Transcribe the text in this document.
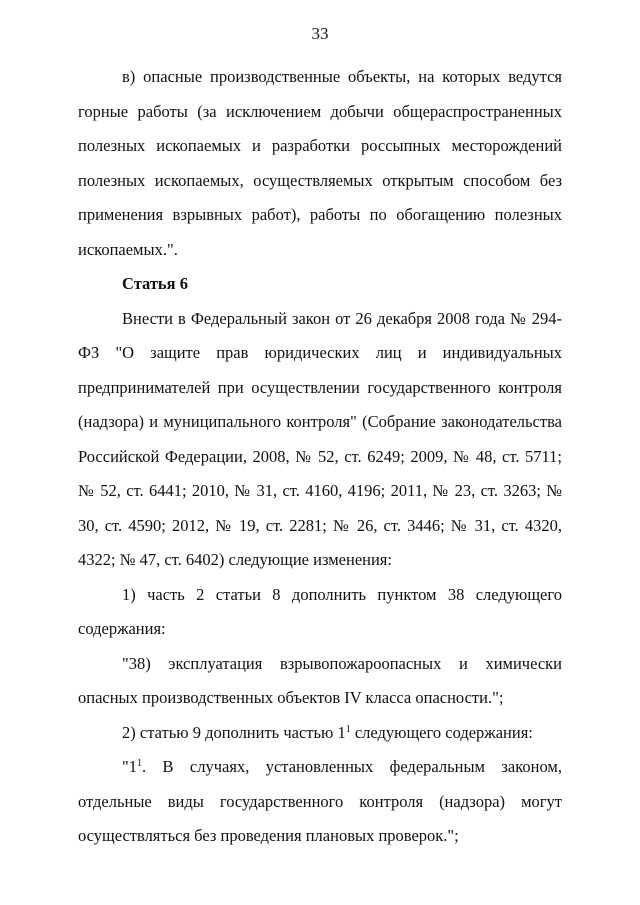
33

в) опасные производственные объекты, на которых ведутся горные работы (за исключением добычи общераспространенных полезных ископаемых и разработки россыпных месторождений полезных ископаемых, осуществляемых открытым способом без применения взрывных работ), работы по обогащению полезных ископаемых.".

Статья 6

Внести в Федеральный закон от 26 декабря 2008 года № 294-ФЗ "О защите прав юридических лиц и индивидуальных предпринимателей при осуществлении государственного контроля (надзора) и муниципального контроля" (Собрание законодательства Российской Федерации, 2008, № 52, ст. 6249; 2009, № 48, ст. 5711; № 52, ст. 6441; 2010, № 31, ст. 4160, 4196; 2011, № 23, ст. 3263; № 30, ст. 4590; 2012, № 19, ст. 2281; № 26, ст. 3446; № 31, ст. 4320, 4322; № 47, ст. 6402) следующие изменения:

1) часть 2 статьи 8 дополнить пунктом 38 следующего содержания:

"38) эксплуатация взрывопожароопасных и химически опасных производственных объектов IV класса опасности.";

2) статью 9 дополнить частью $1^1$ следующего содержания:

"$1^1$. В случаях, установленных федеральным законом, отдельные виды государственного контроля (надзора) могут осуществляться без проведения плановых проверок.";
